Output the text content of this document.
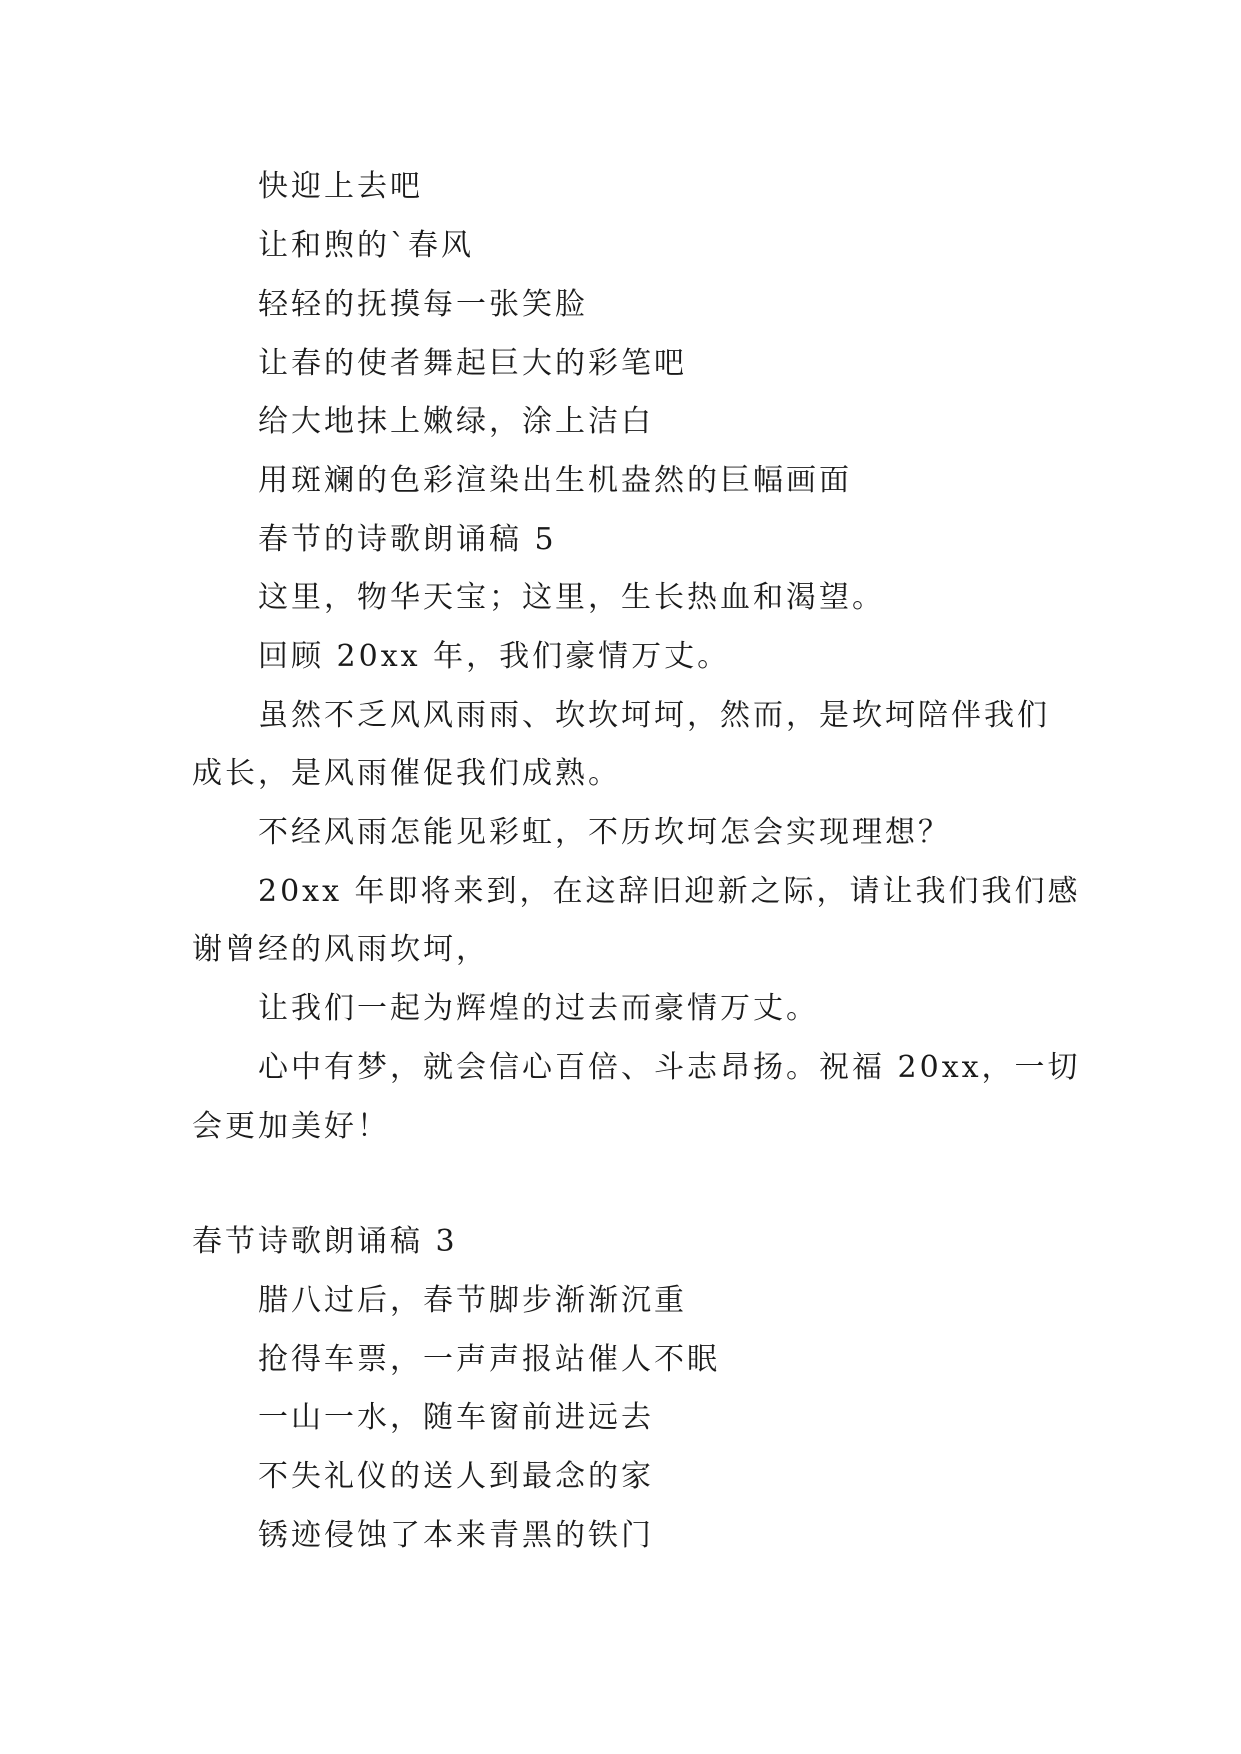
快迎上去吧

让和煦的`春风

轻轻的抚摸每一张笑脸

让春的使者舞起巨大的彩笔吧

给大地抹上嫩绿，涂上洁白

用斑斓的色彩渲染出生机盎然的巨幅画面

春节的诗歌朗诵稿 5

这里，物华天宝；这里，生长热血和渴望。

回顾 20xx 年，我们豪情万丈。

虽然不乏风风雨雨、坎坎坷坷，然而，是坎坷陪伴我们

成长，是风雨催促我们成熟。

不经风雨怎能见彩虹，不历坎坷怎会实现理想？

20xx 年即将来到，在这辞旧迎新之际，请让我们我们感

谢曾经的风雨坎坷，

让我们一起为辉煌的过去而豪情万丈。

心中有梦，就会信心百倍、斗志昂扬。祝福 20xx，一切

会更加美好！

春节诗歌朗诵稿 3

腊八过后，春节脚步渐渐沉重

抢得车票，一声声报站催人不眠

一山一水，随车窗前进远去

不失礼仪的送人到最念的家

锈迹侵蚀了本来青黑的铁门
